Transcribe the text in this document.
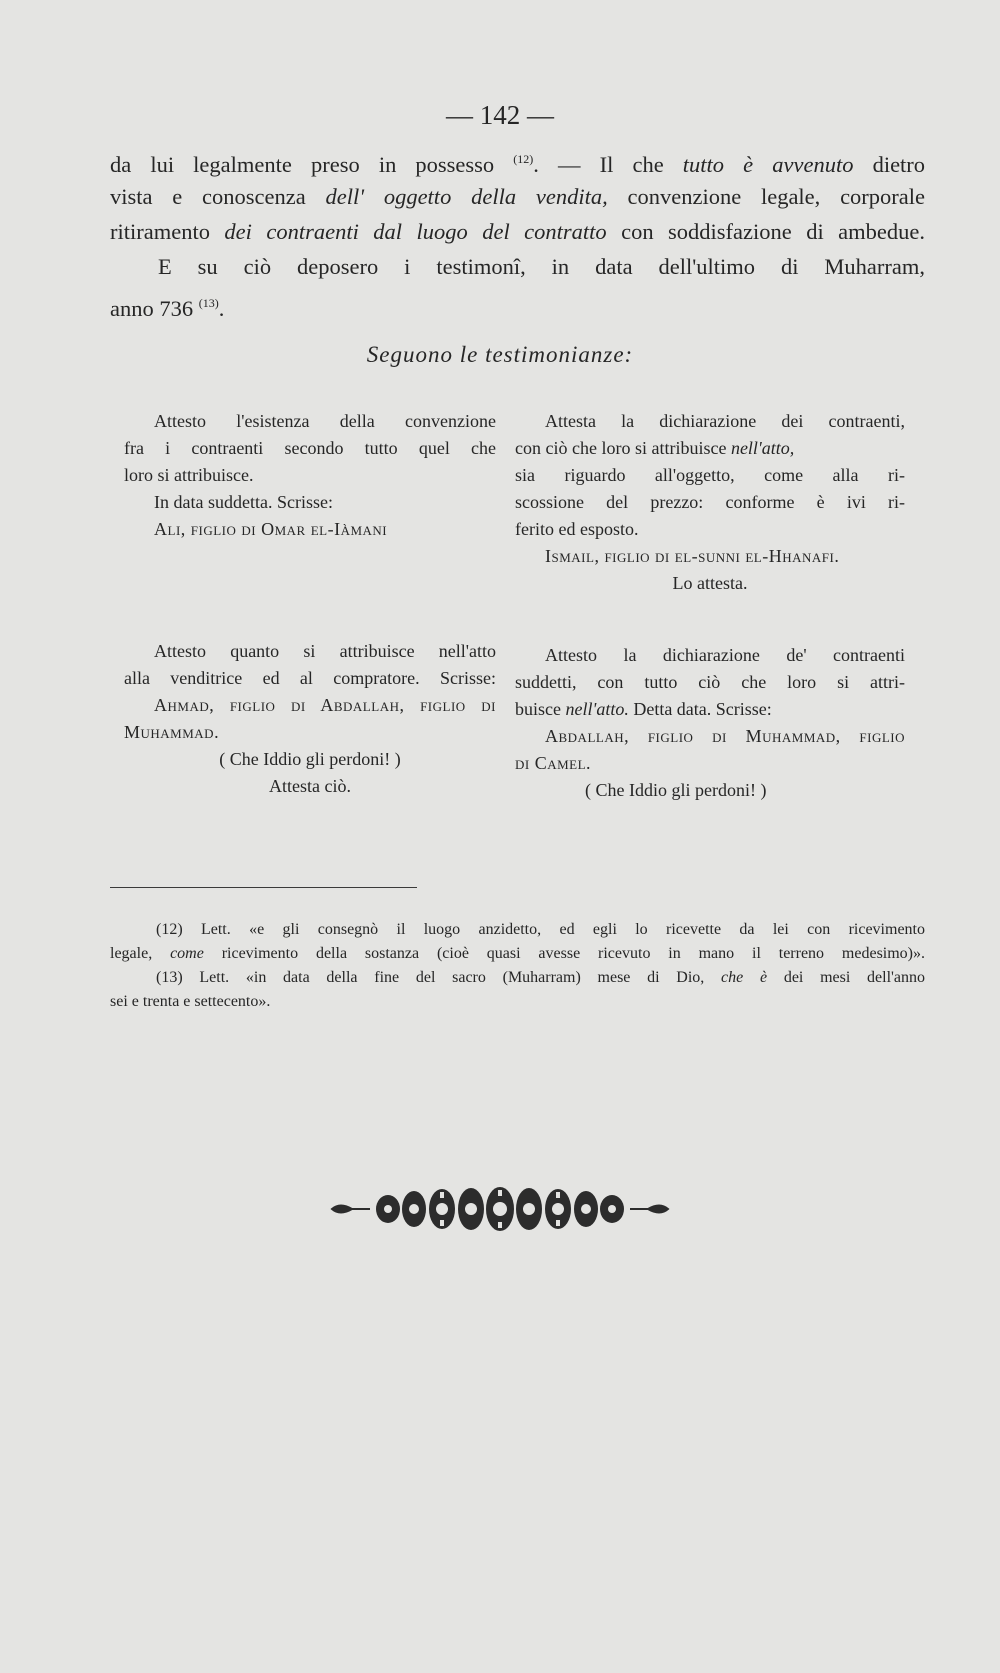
— 142 —
da lui legalmente preso in possesso $^{(12)}$. — Il che tutto è avvenuto dietro
vista e conoscenza dell' oggetto della vendita, convenzione legale, corporale
ritiramento dei contraenti dal luogo del contratto con soddisfazione di ambedue.
E su ciò deposero i testimonî, in data dell'ultimo di Muharram,
anno 736 $^{(13)}$.
Seguono le testimonianze:
Attesto l'esistenza della convenzione
fra i contraenti secondo tutto quel che
loro si attribuisce.
In data suddetta. Scrisse:
Ali, figlio di Omar el-Iàmani
Attesta la dichiarazione dei contraenti,
con ciò che loro si attribuisce nell'atto,
sia riguardo all'oggetto, come alla ri-
scossione del prezzo: conforme è ivi ri-
ferito ed esposto.
Ismail, figlio di el-sunni el-Hhanafi.
Lo attesta.
Attesto quanto si attribuisce nell'atto
alla venditrice ed al compratore. Scrisse:
Ahmad, figlio di Abdallah, figlio di
Muhammad.
( Che Iddio gli perdoni! )
Attesta ciò.
Attesto la dichiarazione de' contraenti
suddetti, con tutto ciò che loro si attri-
buisce nell'atto. Detta data. Scrisse:
Abdallah, figlio di Muhammad, figlio
di Camel.
( Che Iddio gli perdoni! )
(12) Lett. «e gli consegnò il luogo anzidetto, ed egli lo ricevette da lei con ricevimento
legale, come ricevimento della sostanza (cioè quasi avesse ricevuto in mano il terreno medesimo)».
(13) Lett. «in data della fine del sacro (Muharram) mese di Dio, che è dei mesi dell'anno
sei e trenta e settecento».
